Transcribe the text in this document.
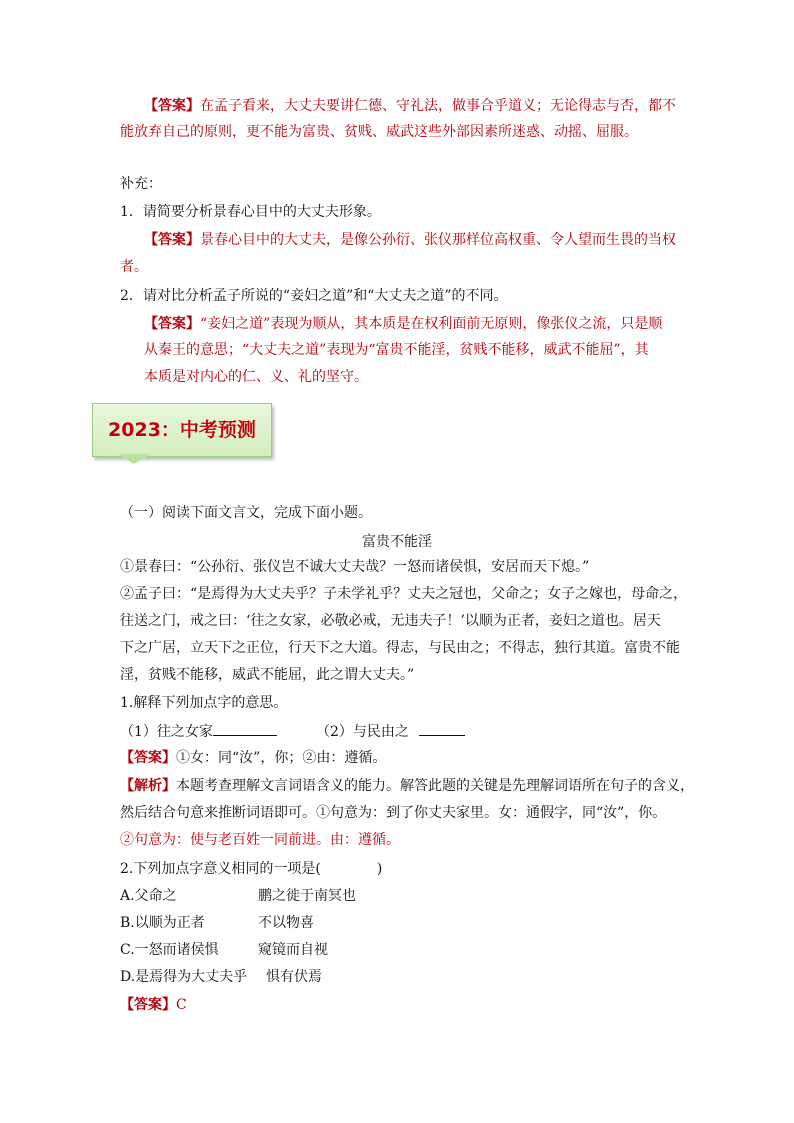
【答案】在孟子看来，大丈夫要讲仁德、守礼法，做事合乎道义；无论得志与否，都不
能放弃自己的原则，更不能为富贵、贫贱、威武这些外部因素所迷惑、动摇、屈服。
补充：
1．请简要分析景春心目中的大丈夫形象。
【答案】景春心目中的大丈夫，是像公孙衍、张仪那样位高权重、令人望而生畏的当权
者。
2．请对比分析孟子所说的“妾妇之道”和“大丈夫之道”的不同。
【答案】“妾妇之道”表现为顺从，其本质是在权利面前无原则，像张仪之流，只是顺
从秦王的意思；“大丈夫之道”表现为“富贵不能淫，贫贱不能移，威武不能屈”，其
本质是对内心的仁、义、礼的坚守。
2023：中考预测
（一）阅读下面文言文，完成下面小题。
富贵不能淫
①景春曰：“公孙衍、张仪岂不诚大丈夫哉？一怒而诸侯惧，安居而天下熄。”
②孟子曰：“是焉得为大丈夫乎？子未学礼乎？丈夫之冠也，父命之；女子之嫁也，母命之，
往送之门，戒之曰：‘往之女家，必敬必戒，无违夫子！’以顺为正者，妾妇之道也。居天
下之广居，立天下之正位，行天下之大道。得志，与民由之；不得志，独行其道。富贵不能
淫，贫贱不能移，威武不能屈，此之谓大丈夫。”
1.解释下列加点字的意思。
（1）往之女家	（2）与民由之
【答案】①女：同“汝”，你；②由：遵循。
【解析】本题考查理解文言词语含义的能力。解答此题的关键是先理解词语所在句子的含义，
然后结合句意来推断词语即可。①句意为：到了你丈夫家里。女：通假字，同“汝”，你。
②句意为：使与老百姓一同前进。由：遵循。
2.下列加点字意义相同的一项是(　　　　)
A.父命之	鹏之徙于南冥也
B.以顺为正者	不以物喜
C.一怒而诸侯惧	窥镜而自视
D.是焉得为大丈夫乎 惧有伏焉
【答案】C
